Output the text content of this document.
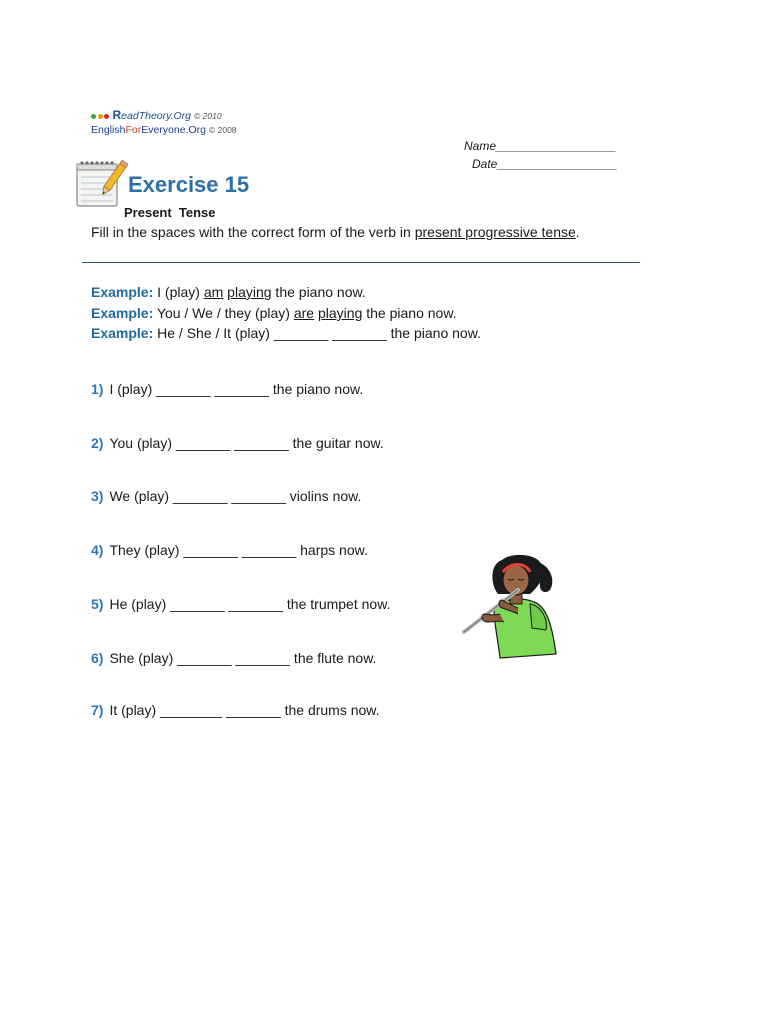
ReadTheory.Org © 2010
EnglishForEveryone.Org © 2008
Name__________________
Date__________________
Exercise 15
Present  Tense
Fill in the spaces with the correct form of the verb in present progressive tense.
Example: I (play) am playing the piano now.
Example: You / We / they (play) are playing the piano now.
Example: He / She / It (play) _______ _______ the piano now.
1) I (play) _______ _______ the piano now.
2) You (play) _______ _______ the guitar now.
3) We (play) _______ _______ violins now.
4) They (play) _______ _______ harps now.
5) He (play) _______ _______ the trumpet now.
6) She (play) _______ _______ the flute now.
7) It (play) ________ _______ the drums now.
